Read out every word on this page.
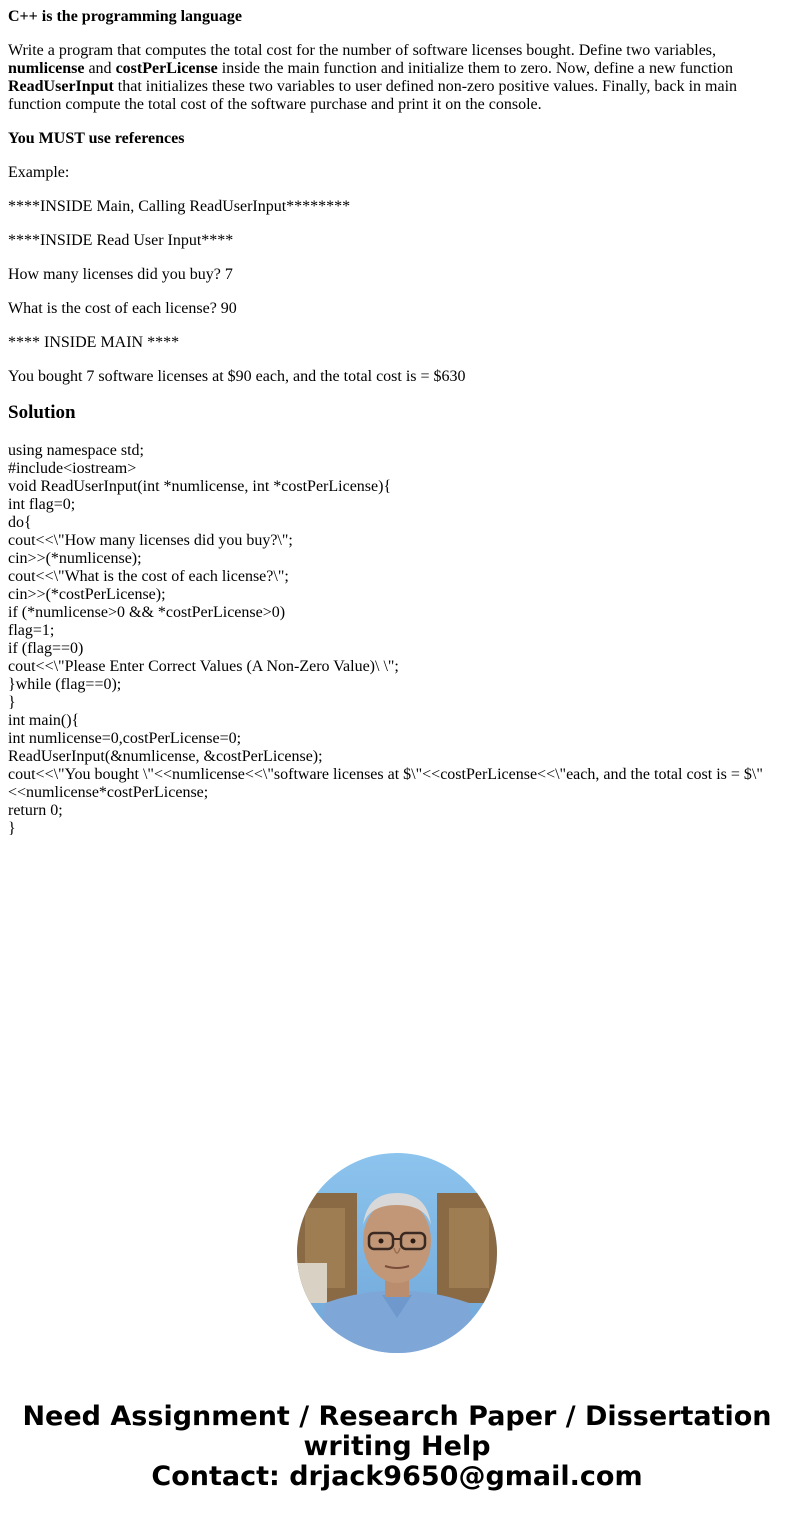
C++ is the programming language

Write a program that computes the total cost for the number of software licenses bought. Define two variables, numlicense and costPerLicense inside the main function and initialize them to zero. Now, define a new function ReadUserInput that initializes these two variables to user defined non-zero positive values. Finally, back in main function compute the total cost of the software purchase and print it on the console.

You MUST use references

Example:

****INSIDE Main, Calling ReadUserInput********

****INSIDE Read User Input****

How many licenses did you buy? 7

What is the cost of each license? 90

**** INSIDE MAIN ****

You bought 7 software licenses at $90 each, and the total cost is = $630

Solution
using namespace std;
#include<iostream>
void ReadUserInput(int *numlicense, int *costPerLicense){
int flag=0;
do{
cout<<\"How many licenses did you buy?\";
cin>>(*numlicense);
cout<<\"What is the cost of each license?\";
cin>>(*costPerLicense);
if (*numlicense>0 && *costPerLicense>0)
flag=1;
if (flag==0)
cout<<\"Please Enter Correct Values (A Non-Zero Value)\ \";
}while (flag==0);
}
int main(){
int numlicense=0,costPerLicense=0;
ReadUserInput(&numlicense, &costPerLicense);
cout<<\"You bought \"<<numlicense<<\"software licenses at $\"<<costPerLicense<<\"each, and the total cost is = $\"
<<numlicense*costPerLicense;
return 0;
}
Need Assignment / Research Paper / Dissertation
writing Help
Contact: drjack9650@gmail.com
